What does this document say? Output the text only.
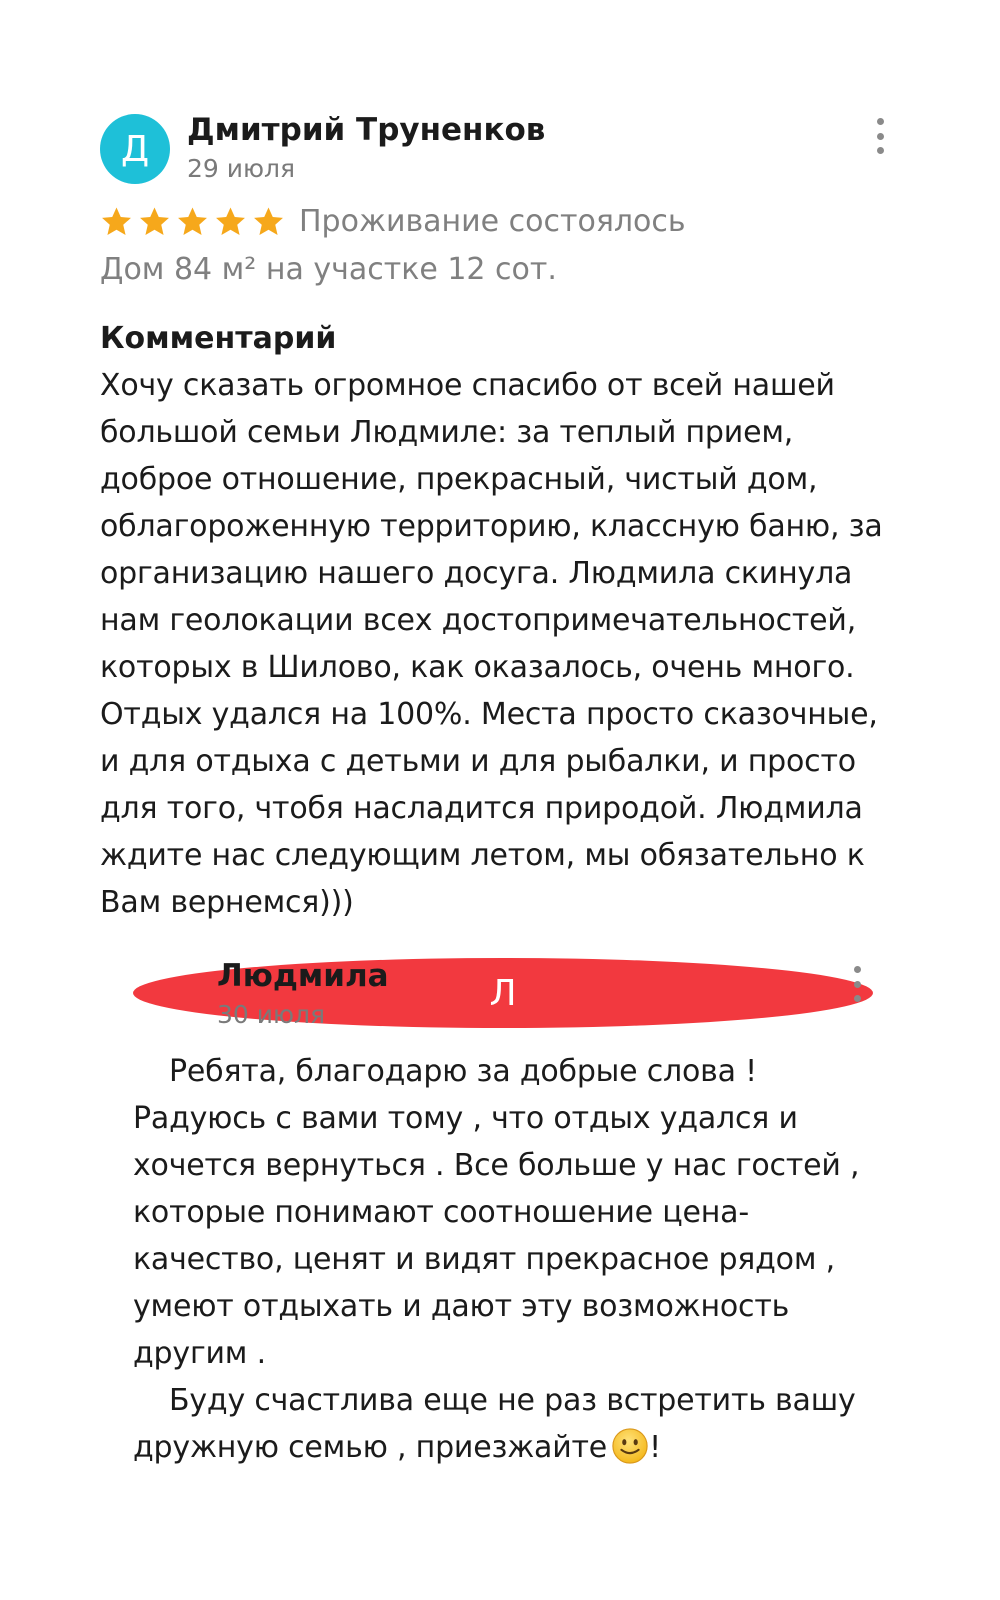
Д Дмитрий Труненков
29 июля
Проживание состоялось
Дом 84 м² на участке 12 сот.
Комментарий
Хочу сказать огромное спасибо от всей нашей большой семьи Людмиле: за теплый прием, доброе отношение, прекрасный, чистый дом, облагороженную территорию, классную баню, за организацию нашего досуга. Людмила скинула нам геолокации всех достопримечательностей, которых в Шилово, как оказалось, очень много. Отдых удался на 100%. Места просто сказочные, и для отдыха с детьми и для рыбалки, и просто для того, чтобя насладится природой. Людмила ждите нас следующим летом, мы обязательно к Вам вернемся)))
Л
Людмила
30 июля

Ребята, благодарю за добрые слова ! Радуюсь с вами тому , что отдых удался и хочется вернуться . Все больше у нас гостей , которые понимают соотношение цена-качество, ценят и видят прекрасное рядом , умеют отдыхать и дают эту возможность другим .

Буду счастлива еще не раз встретить вашу дружную семью , приезжайте !
